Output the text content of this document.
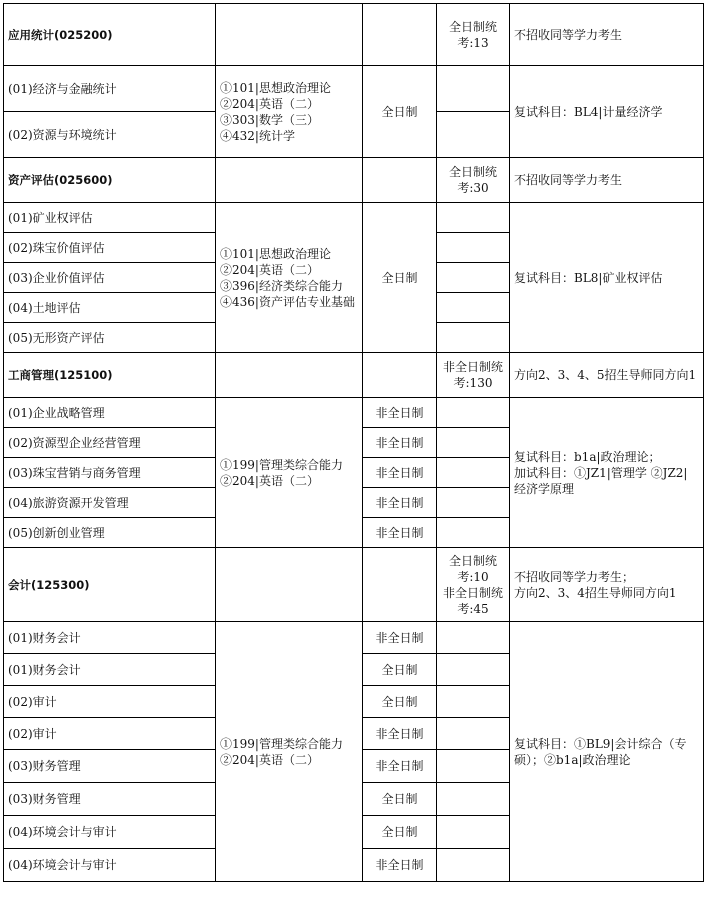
应用统计(025200)			全日制统
考:13	不招收同等学力考生

(01)经济与金融统计	①101|思想政治理论
②204|英语（二）
③303|数学（三）
④432|统计学	全日制		复试科目：BL4|计量经济学

(02)资源与环境统计				
资产评估(025600)			全日制统
考:30	不招收同等学力考生

(01)矿业权评估	①101|思想政治理论
②204|英语（二）
③396|经济类综合能力
④436|资产评估专业基础	全日制		复试科目：BL8|矿业权评估

(02)珠宝价值评估				
(03)企业价值评估				
(04)土地评估				
(05)无形资产评估				
工商管理(125100)			非全日制统
考:130	方向2、3、4、5招生导师同方向1

(01)企业战略管理	①199|管理类综合能力
②204|英语（二）	非全日制		复试科目：b1a|政治理论；
加试科目：①JZ1|管理学 ②JZ2|
经济学原理

(02)资源型企业经营管理		非全日制		
(03)珠宝营销与商务管理		非全日制		
(04)旅游资源开发管理		非全日制		
(05)创新创业管理		非全日制		
会计(125300)			全日制统
考:10
非全日制统
考:45	不招收同等学力考生；
方向2、3、4招生导师同方向1

(01)财务会计	①199|管理类综合能力
②204|英语（二）	非全日制		复试科目：①BL9|会计综合（专
硕）；②b1a|政治理论

(01)财务会计		全日制		
(02)审计		全日制		
(02)审计		非全日制		
(03)财务管理		非全日制		
(03)财务管理		全日制		
(04)环境会计与审计		全日制		
(04)环境会计与审计		非全日制		
